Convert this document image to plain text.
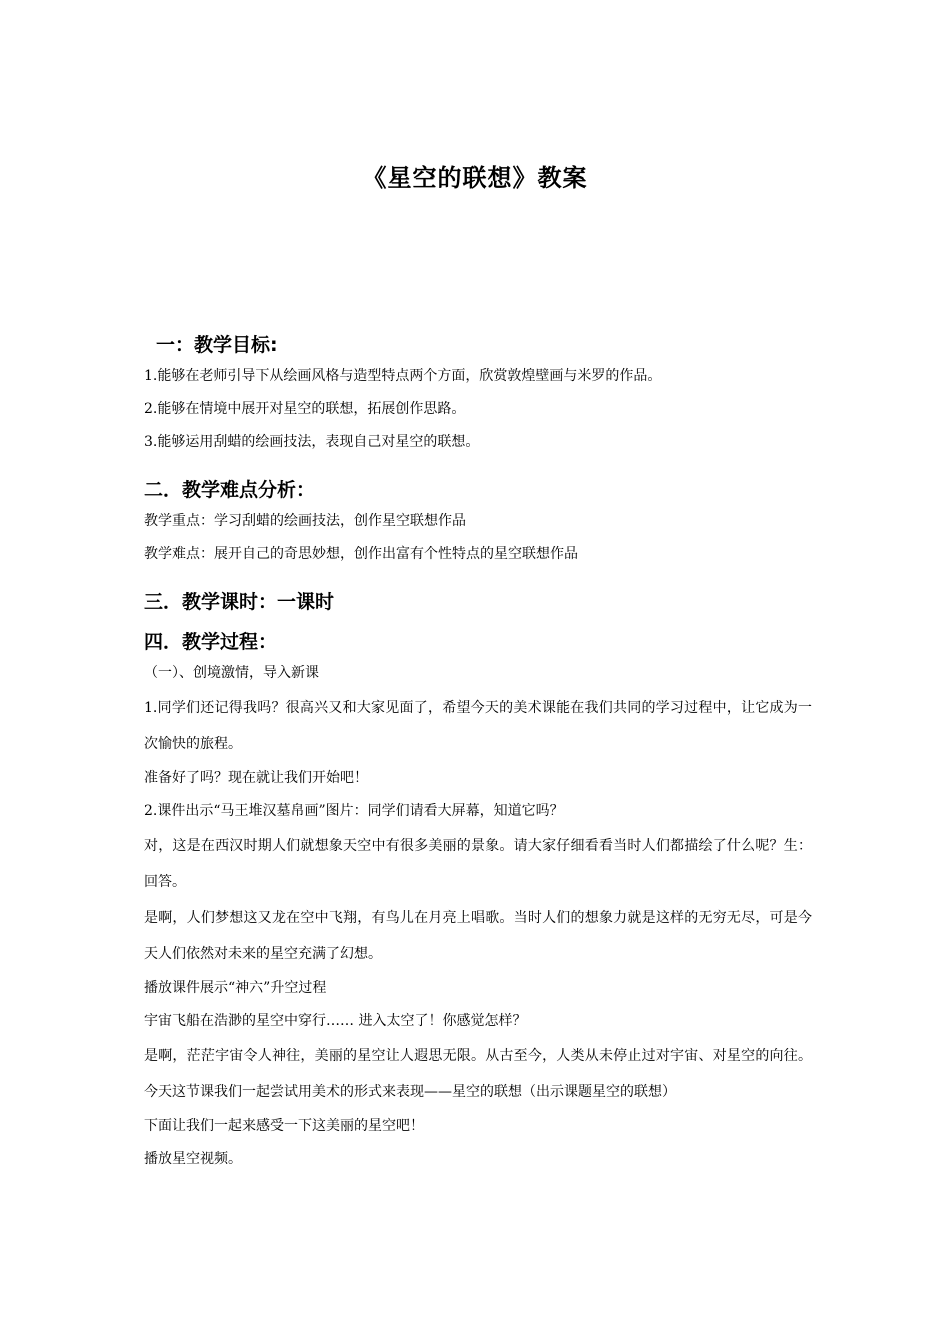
《星空的联想》教案
一：教学目标:
1.能够在老师引导下从绘画风格与造型特点两个方面，欣赏敦煌壁画与米罗的作品。
2.能够在情境中展开对星空的联想，拓展创作思路。
3.能够运用刮蜡的绘画技法，表现自己对星空的联想。
二．教学难点分析：
教学重点：学习刮蜡的绘画技法，创作星空联想作品
教学难点：展开自己的奇思妙想，创作出富有个性特点的星空联想作品
三．教学课时：一课时
四．教学过程：
（一）、创境激情，导入新课
1.同学们还记得我吗？很高兴又和大家见面了，希望今天的美术课能在我们共同的学习过程中，让它成为一次愉快的旅程。
准备好了吗？现在就让我们开始吧！
2.课件出示“马王堆汉墓帛画”图片：同学们请看大屏幕，知道它吗？
对，这是在西汉时期人们就想象天空中有很多美丽的景象。请大家仔细看看当时人们都描绘了什么呢？生：回答。
是啊，人们梦想这又龙在空中飞翔，有鸟儿在月亮上唱歌。当时人们的想象力就是这样的无穷无尽，可是今天人们依然对未来的星空充满了幻想。
播放课件展示“神六”升空过程
宇宙飞船在浩渺的星空中穿行…… 进入太空了！你感觉怎样？
是啊，茫茫宇宙令人神往，美丽的星空让人遐思无限。从古至今，人类从未停止过对宇宙、对星空的向往。今天这节课我们一起尝试用美术的形式来表现——星空的联想（出示课题星空的联想）
下面让我们一起来感受一下这美丽的星空吧！
播放星空视频。
